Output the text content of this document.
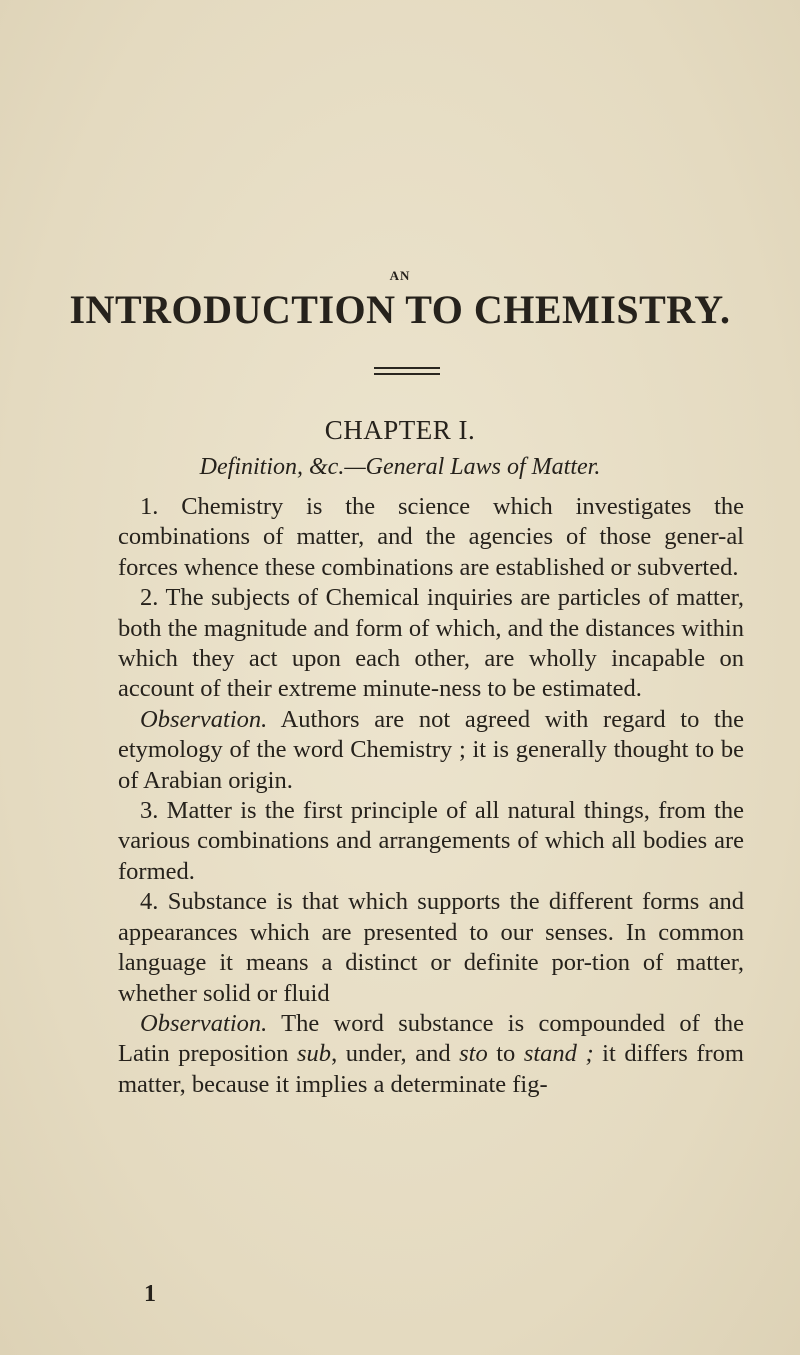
AN
INTRODUCTION TO CHEMISTRY.
CHAPTER I.
Definition, &c.—General Laws of Matter.

1. Chemistry is the science which investigates the combinations of matter, and the agencies of those gener-al forces whence these combinations are established or subverted.

2. The subjects of Chemical inquiries are particles of matter, both the magnitude and form of which, and the distances within which they act upon each other, are wholly incapable on account of their extreme minute-ness to be estimated.

Observation. Authors are not agreed with regard to the etymology of the word Chemistry ; it is generally thought to be of Arabian origin.

3. Matter is the first principle of all natural things, from the various combinations and arrangements of which all bodies are formed.

4. Substance is that which supports the different forms and appearances which are presented to our senses. In common language it means a distinct or definite por-tion of matter, whether solid or fluid

Observation. The word substance is compounded of the Latin preposition sub, under, and sto to stand ; it differs from matter, because it implies a determinate fig-

1
